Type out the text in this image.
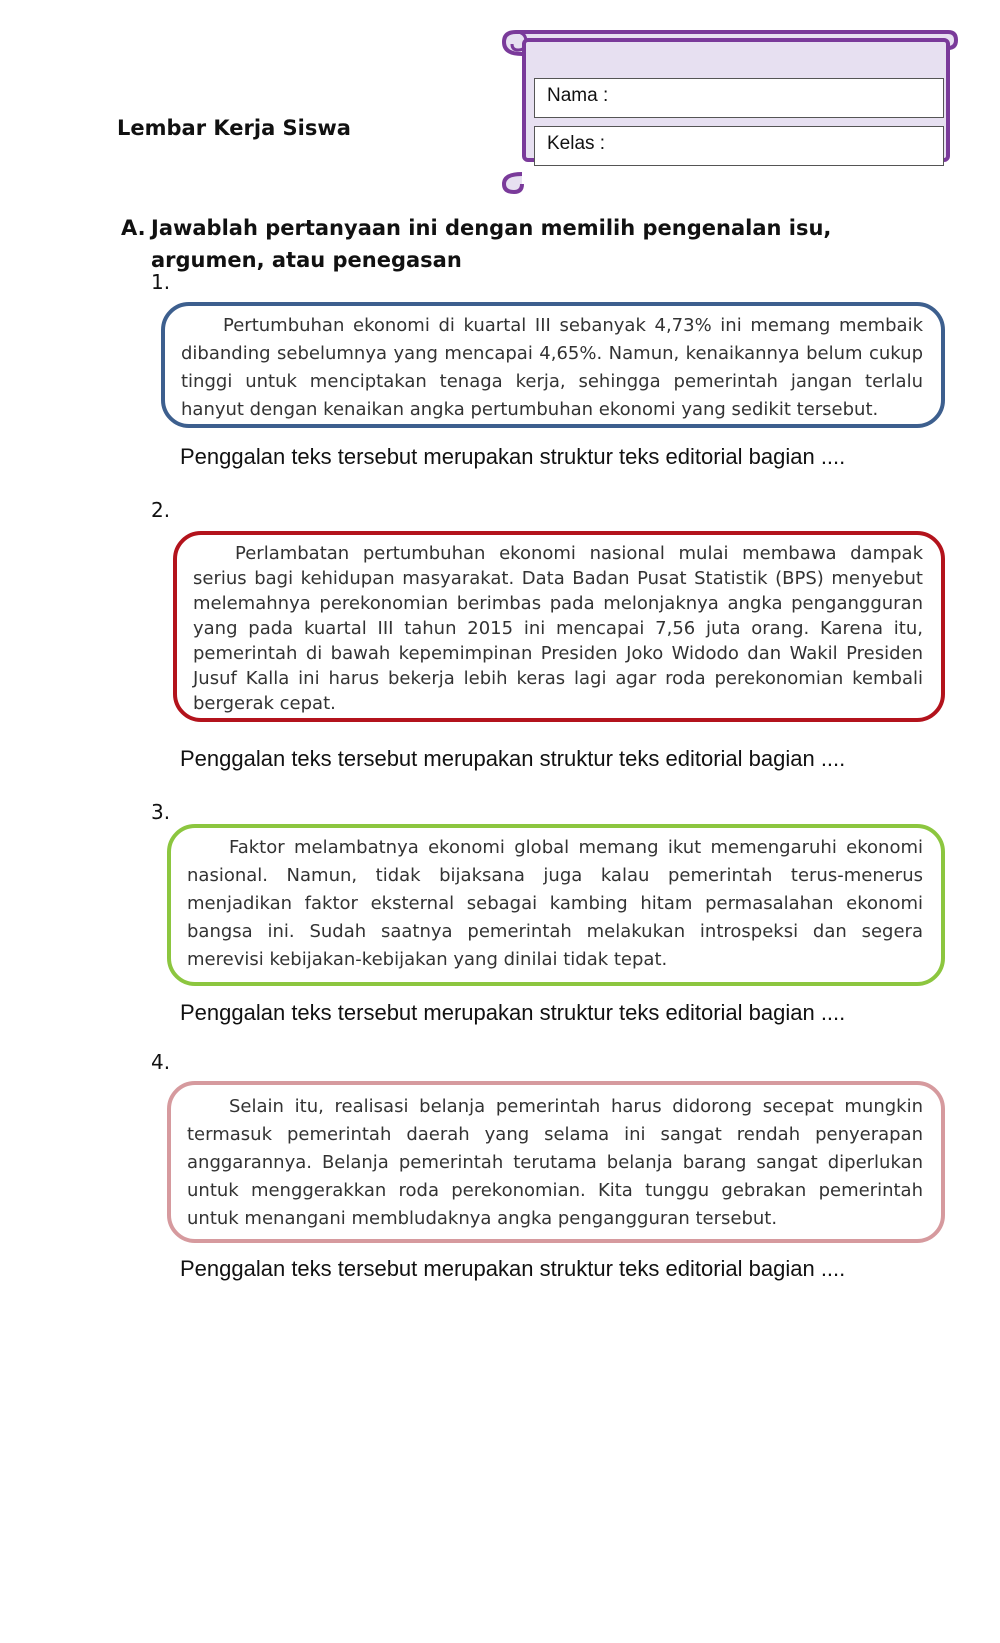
Lembar Kerja Siswa
Nama :
Kelas :
A. Jawablah pertanyaan ini dengan memilih pengenalan isu,
argumen, atau penegasan
1.

Pertumbuhan ekonomi di kuartal III sebanyak 4,73% ini memang membaik dibanding sebelumnya yang mencapai 4,65%. Namun, kenaikannya belum cukup tinggi untuk menciptakan tenaga kerja, sehingga pemerintah jangan terlalu hanyut dengan kenaikan angka pertumbuhan ekonomi yang sedikit tersebut.

Penggalan teks tersebut merupakan struktur teks editorial bagian ....
2.

Perlambatan pertumbuhan ekonomi nasional mulai membawa dampak serius bagi kehidupan masyarakat. Data Badan Pusat Statistik (BPS) menyebut melemahnya perekonomian berimbas pada melonjaknya angka pengangguran yang pada kuartal III tahun 2015 ini mencapai 7,56 juta orang. Karena itu, pemerintah di bawah kepemimpinan Presiden Joko Widodo dan Wakil Presiden Jusuf Kalla ini harus bekerja lebih keras lagi agar roda perekonomian kembali bergerak cepat.

Penggalan teks tersebut merupakan struktur teks editorial bagian ....
3.

Faktor melambatnya ekonomi global memang ikut memengaruhi ekonomi nasional. Namun, tidak bijaksana juga kalau pemerintah terus-menerus menjadikan faktor eksternal sebagai kambing hitam permasalahan ekonomi bangsa ini. Sudah saatnya pemerintah melakukan introspeksi dan segera merevisi kebijakan-kebijakan yang dinilai tidak tepat.

Penggalan teks tersebut merupakan struktur teks editorial bagian ....
4.

Selain itu, realisasi belanja pemerintah harus didorong secepat mungkin termasuk pemerintah daerah yang selama ini sangat rendah penyerapan anggarannya. Belanja pemerintah terutama belanja barang sangat diperlukan untuk menggerakkan roda perekonomian. Kita tunggu gebrakan pemerintah untuk menangani membludaknya angka pengangguran tersebut.

Penggalan teks tersebut merupakan struktur teks editorial bagian ....
